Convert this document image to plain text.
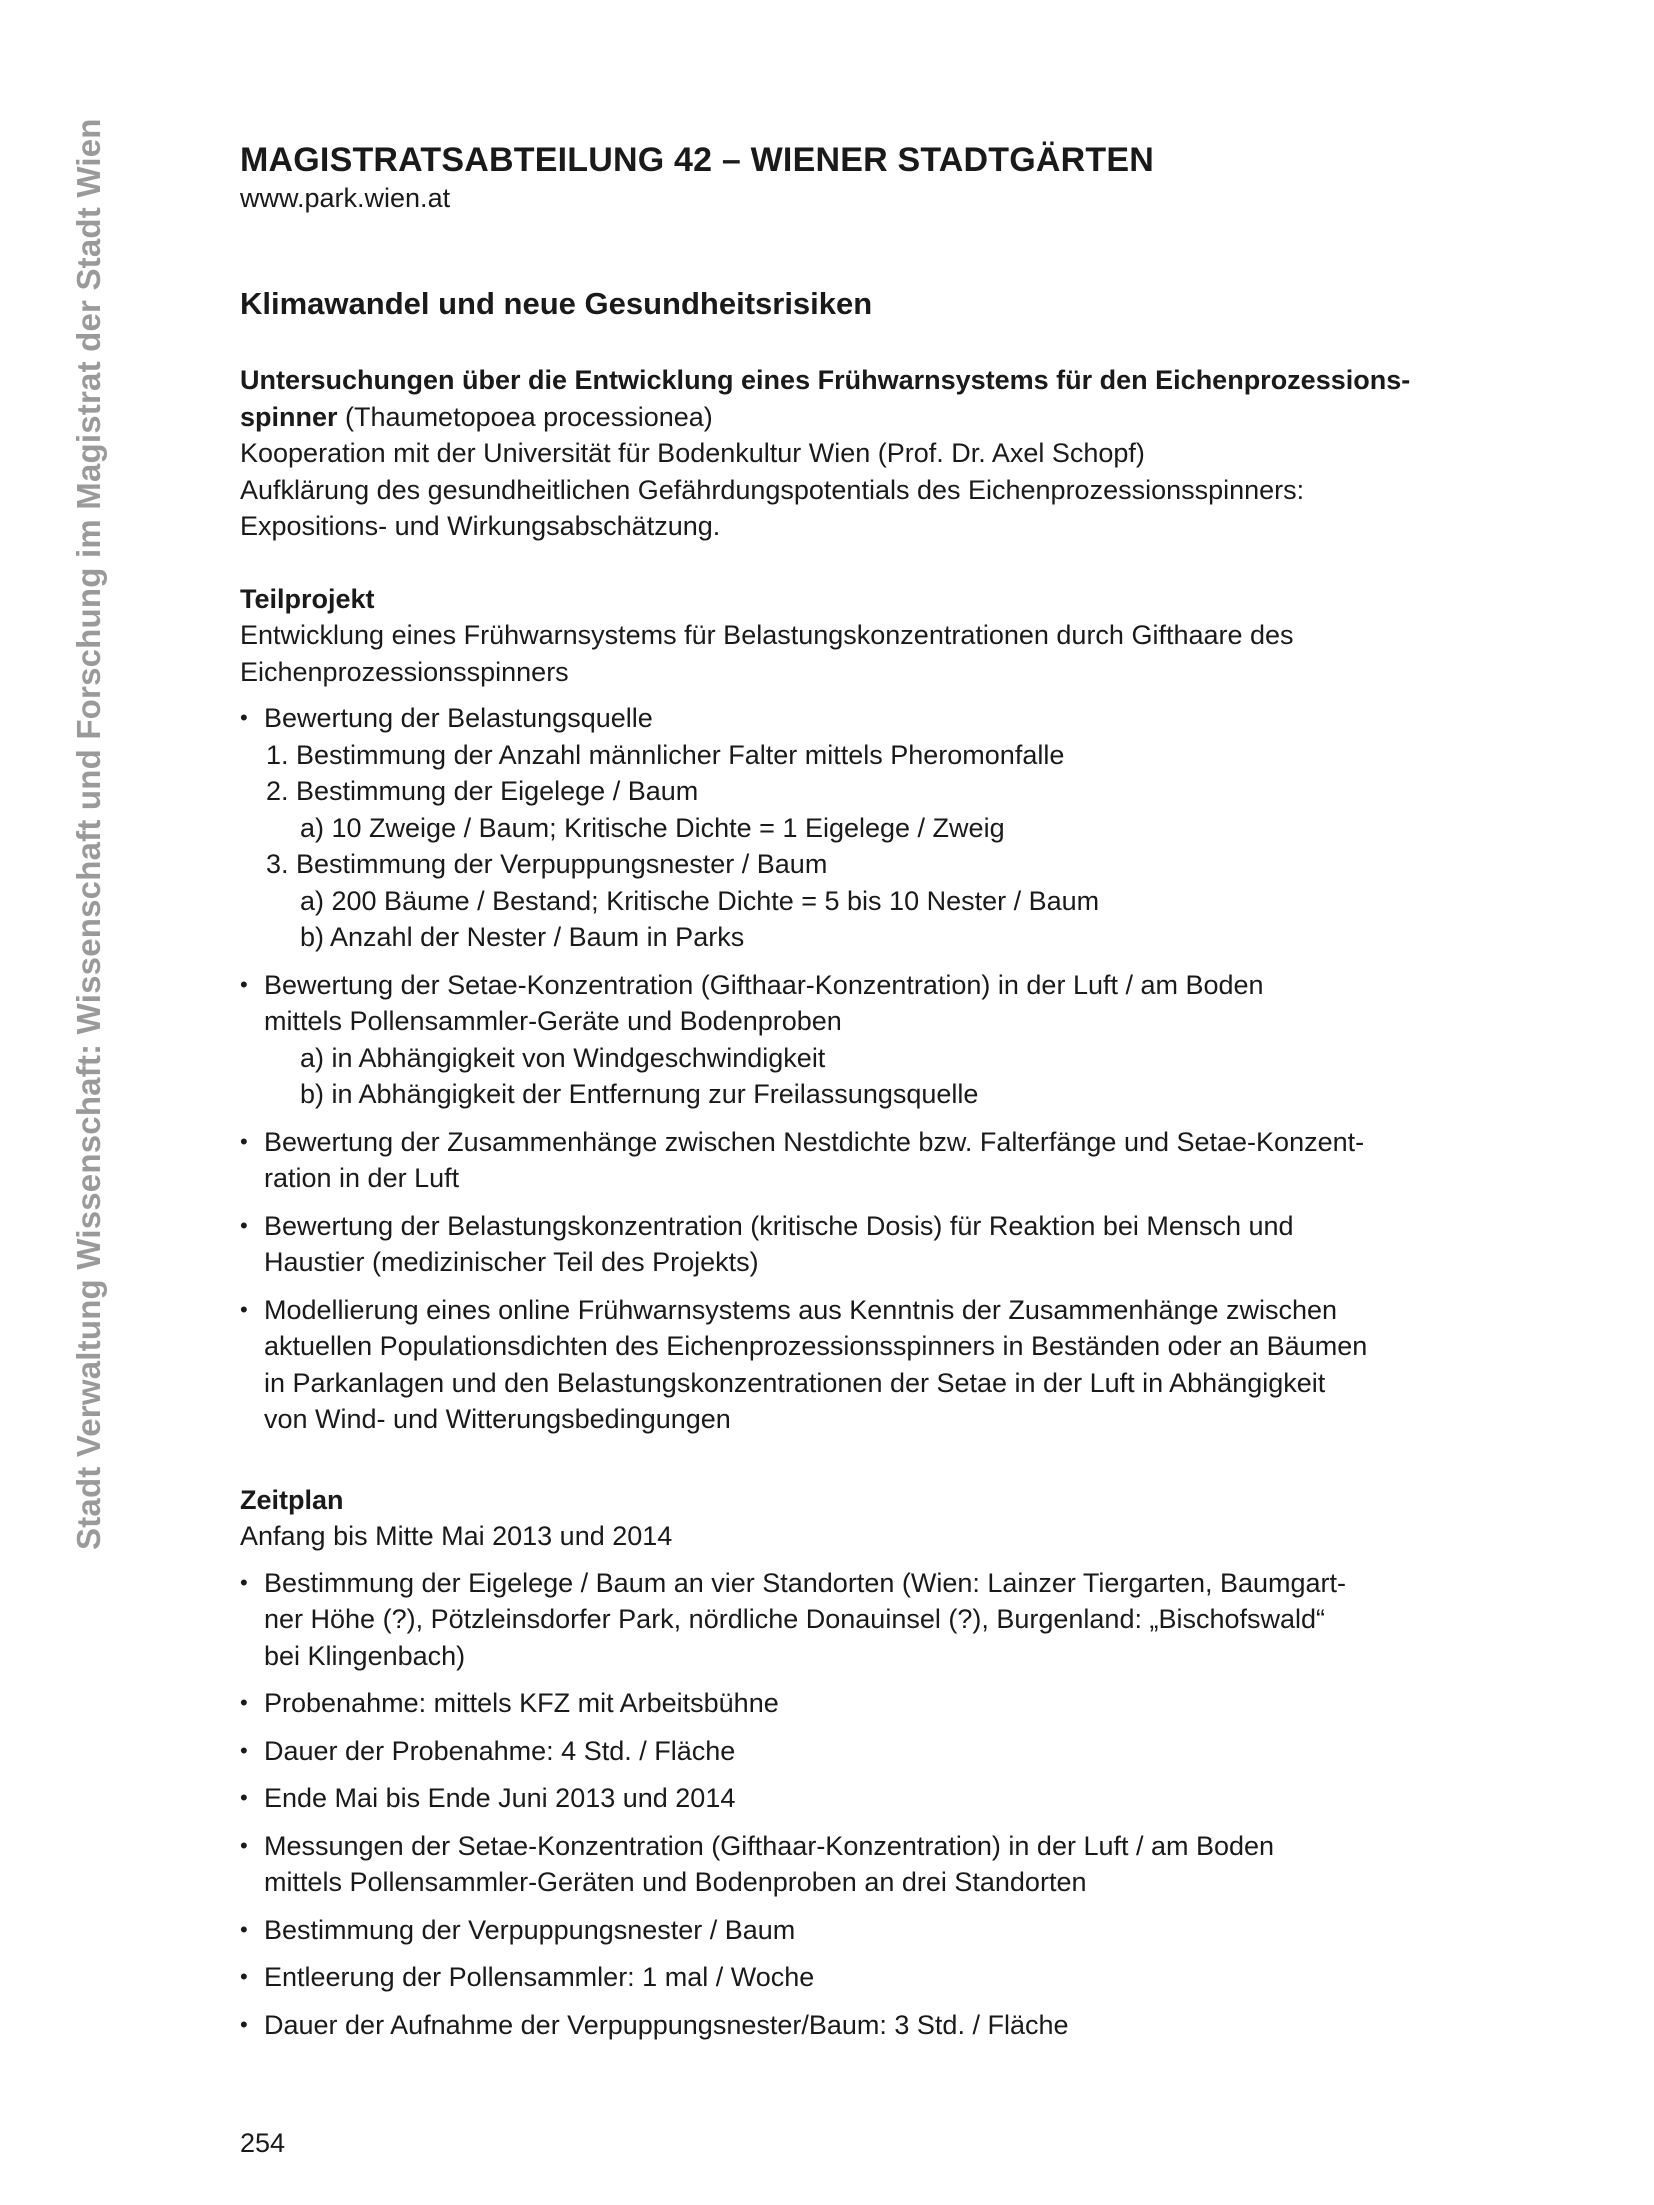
Stadt Verwaltung Wissenschaft: Wissenschaft und Forschung im Magistrat der Stadt Wien	MAGISTRATSABTEILUNG 42 – WIENER STADTGÄRTEN

www.park.wien.at

Klimawandel und neue Gesundheitsrisiken

Untersuchungen über die Entwicklung eines Frühwarnsystems für den Eichenprozessions-

spinner (Thaumetopoea processionea)

Kooperation mit der Universität für Bodenkultur Wien (Prof. Dr. Axel Schopf)

Aufklärung des gesundheitlichen Gefährdungspotentials des Eichenprozessionsspinners:

Expositions- und Wirkungsabschätzung.

Teilprojekt

Entwicklung eines Frühwarnsystems für Belastungskonzentrationen durch Gifthaare des

Eichenprozessionsspinners

• Bewertung der Belastungsquelle
1. Bestimmung der Anzahl männlicher Falter mittels Pheromonfalle
2. Bestimmung der Eigelege / Baum
a) 10 Zweige / Baum; Kritische Dichte = 1 Eigelege / Zweig
3. Bestimmung der Verpuppungsnester / Baum
a) 200 Bäume / Bestand; Kritische Dichte = 5 bis 10 Nester / Baum
b) Anzahl der Nester / Baum in Parks
• Bewertung der Setae-Konzentration (Gifthaar-Konzentration) in der Luft / am Boden
mittels Pollensammler-Geräte und Bodenproben
a) in Abhängigkeit von Windgeschwindigkeit
b) in Abhängigkeit der Entfernung zur Freilassungsquelle
• Bewertung der Zusammenhänge zwischen Nestdichte bzw. Falterfänge und Setae-Konzent-
ration in der Luft
• Bewertung der Belastungskonzentration (kritische Dosis) für Reaktion bei Mensch und
Haustier (medizinischer Teil des Projekts)
• Modellierung eines online Frühwarnsystems aus Kenntnis der Zusammenhänge zwischen
aktuellen Populationsdichten des Eichenprozessionsspinners in Beständen oder an Bäumen
in Parkanlagen und den Belastungskonzentrationen der Setae in der Luft in Abhängigkeit
von Wind- und Witterungsbedingungen

Zeitplan

Anfang bis Mitte Mai 2013 und 2014

• Bestimmung der Eigelege / Baum an vier Standorten (Wien: Lainzer Tiergarten, Baumgart-
ner Höhe (?), Pötzleinsdorfer Park, nördliche Donauinsel (?), Burgenland: „Bischofswald“
bei Klingenbach)
• Probenahme: mittels KFZ mit Arbeitsbühne
• Dauer der Probenahme: 4 Std. / Fläche
• Ende Mai bis Ende Juni 2013 und 2014
• Messungen der Setae-Konzentration (Gifthaar-Konzentration) in der Luft / am Boden
mittels Pollensammler-Geräten und Bodenproben an drei Standorten
• Bestimmung der Verpuppungsnester / Baum
• Entleerung der Pollensammler: 1 mal / Woche
• Dauer der Aufnahme der Verpuppungsnester/Baum: 3 Std. / Fläche
254
